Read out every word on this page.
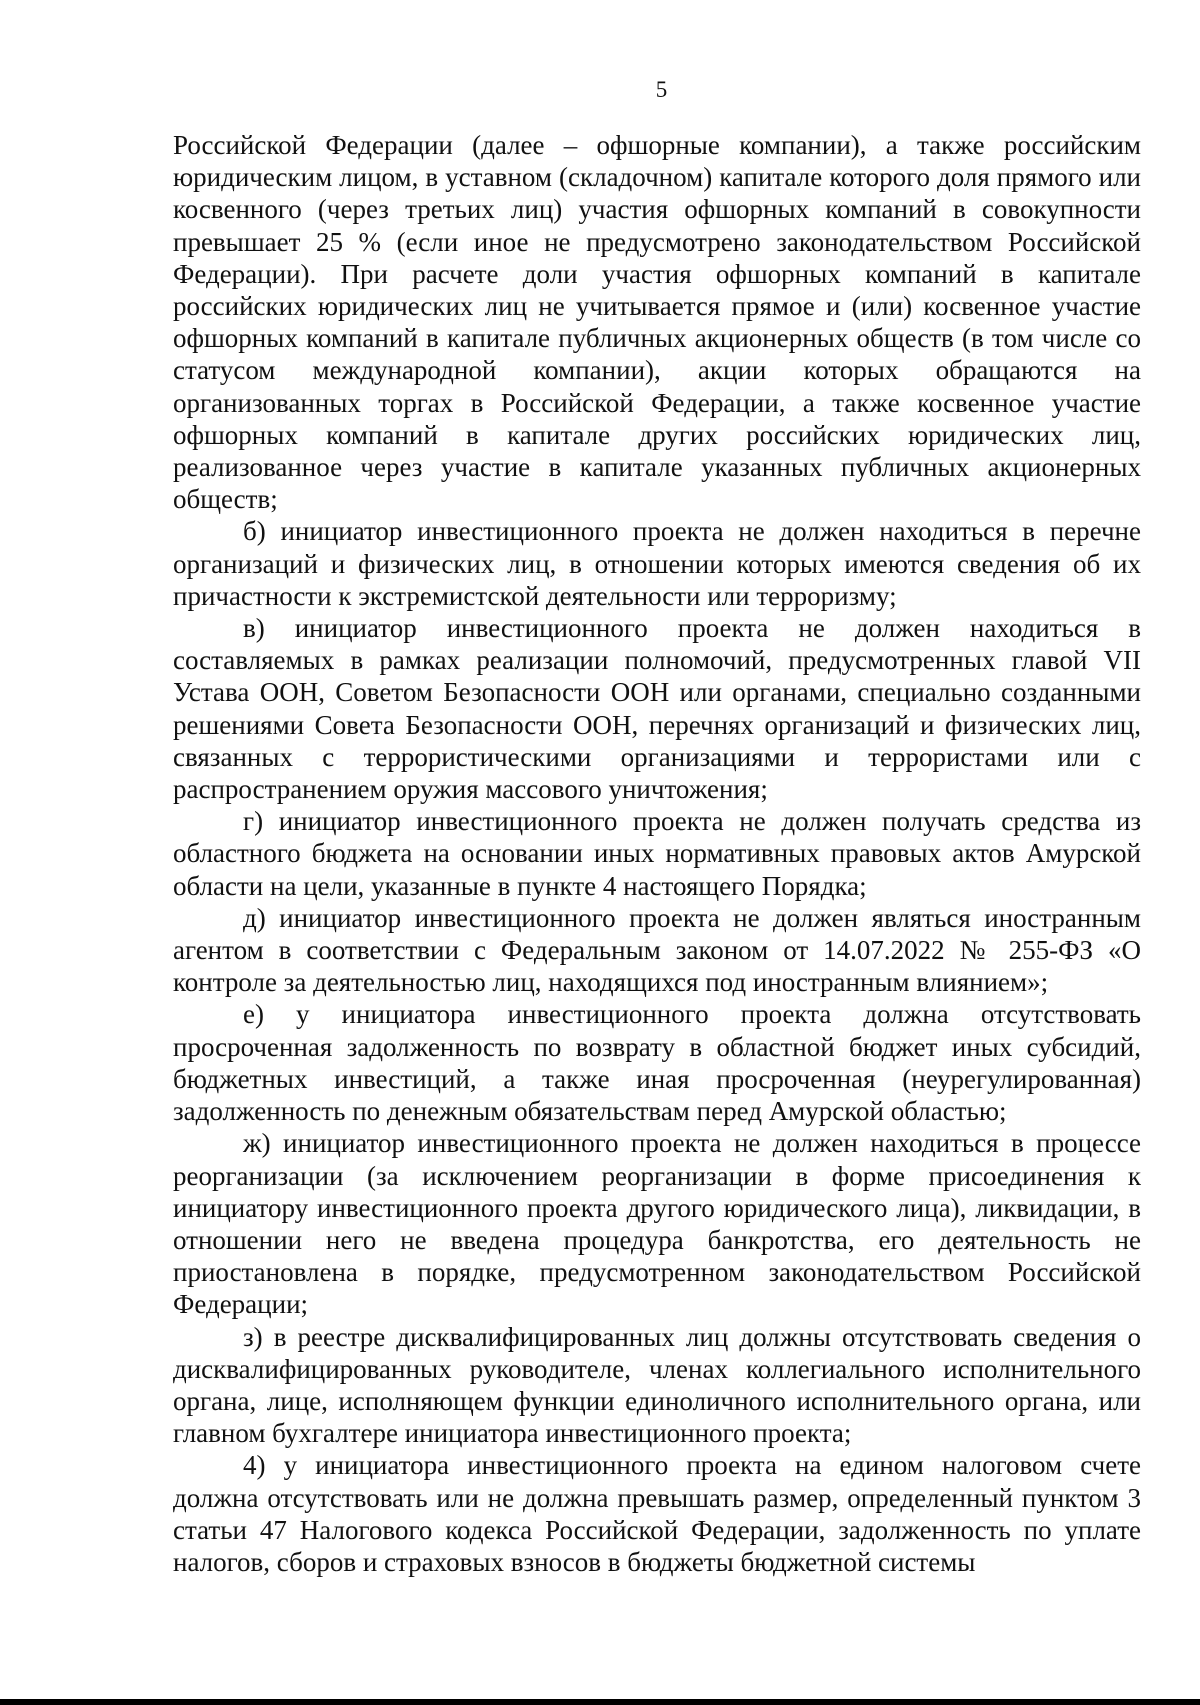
5

Российской Федерации (далее – офшорные компании), а также российским юридическим лицом, в уставном (складочном) капитале которого доля прямого или косвенного (через третьих лиц) участия офшорных компаний в совокупности превышает 25 % (если иное не предусмотрено законодательством Российской Федерации). При расчете доли участия офшорных компаний в капитале российских юридических лиц не учитывается прямое и (или) косвенное участие офшорных компаний в капитале публичных акционерных обществ (в том числе со статусом международной компании), акции которых обращаются на организованных торгах в Российской Федерации, а также косвенное участие офшорных компаний в капитале других российских юридических лиц, реализованное через участие в капитале указанных публичных акционерных обществ;

б) инициатор инвестиционного проекта не должен находиться в перечне организаций и физических лиц, в отношении которых имеются сведения об их причастности к экстремистской деятельности или терроризму;

в) инициатор инвестиционного проекта не должен находиться в составляемых в рамках реализации полномочий, предусмотренных главой VII Устава ООН, Советом Безопасности ООН или органами, специально созданными решениями Совета Безопасности ООН, перечнях организаций и физических лиц, связанных с террористическими организациями и террористами или с распространением оружия массового уничтожения;

г) инициатор инвестиционного проекта не должен получать средства из областного бюджета на основании иных нормативных правовых актов Амурской области на цели, указанные в пункте 4 настоящего Порядка;

д) инициатор инвестиционного проекта не должен являться иностранным агентом в соответствии с Федеральным законом от 14.07.2022 № 255-ФЗ «О контроле за деятельностью лиц, находящихся под иностранным влиянием»;

е) у инициатора инвестиционного проекта должна отсутствовать просроченная задолженность по возврату в областной бюджет иных субсидий, бюджетных инвестиций, а также иная просроченная (неурегулированная) задолженность по денежным обязательствам перед Амурской областью;

ж) инициатор инвестиционного проекта не должен находиться в процессе реорганизации (за исключением реорганизации в форме присоединения к инициатору инвестиционного проекта другого юридического лица), ликвидации, в отношении него не введена процедура банкротства, его деятельность не приостановлена в порядке, предусмотренном законодательством Российской Федерации;

з) в реестре дисквалифицированных лиц должны отсутствовать сведения о дисквалифицированных руководителе, членах коллегиального исполнительного органа, лице, исполняющем функции единоличного исполнительного органа, или главном бухгалтере инициатора инвестиционного проекта;

4) у инициатора инвестиционного проекта на едином налоговом счете должна отсутствовать или не должна превышать размер, определенный пунктом 3 статьи 47 Налогового кодекса Российской Федерации, задолженность по уплате налогов, сборов и страховых взносов в бюджеты бюджетной системы
